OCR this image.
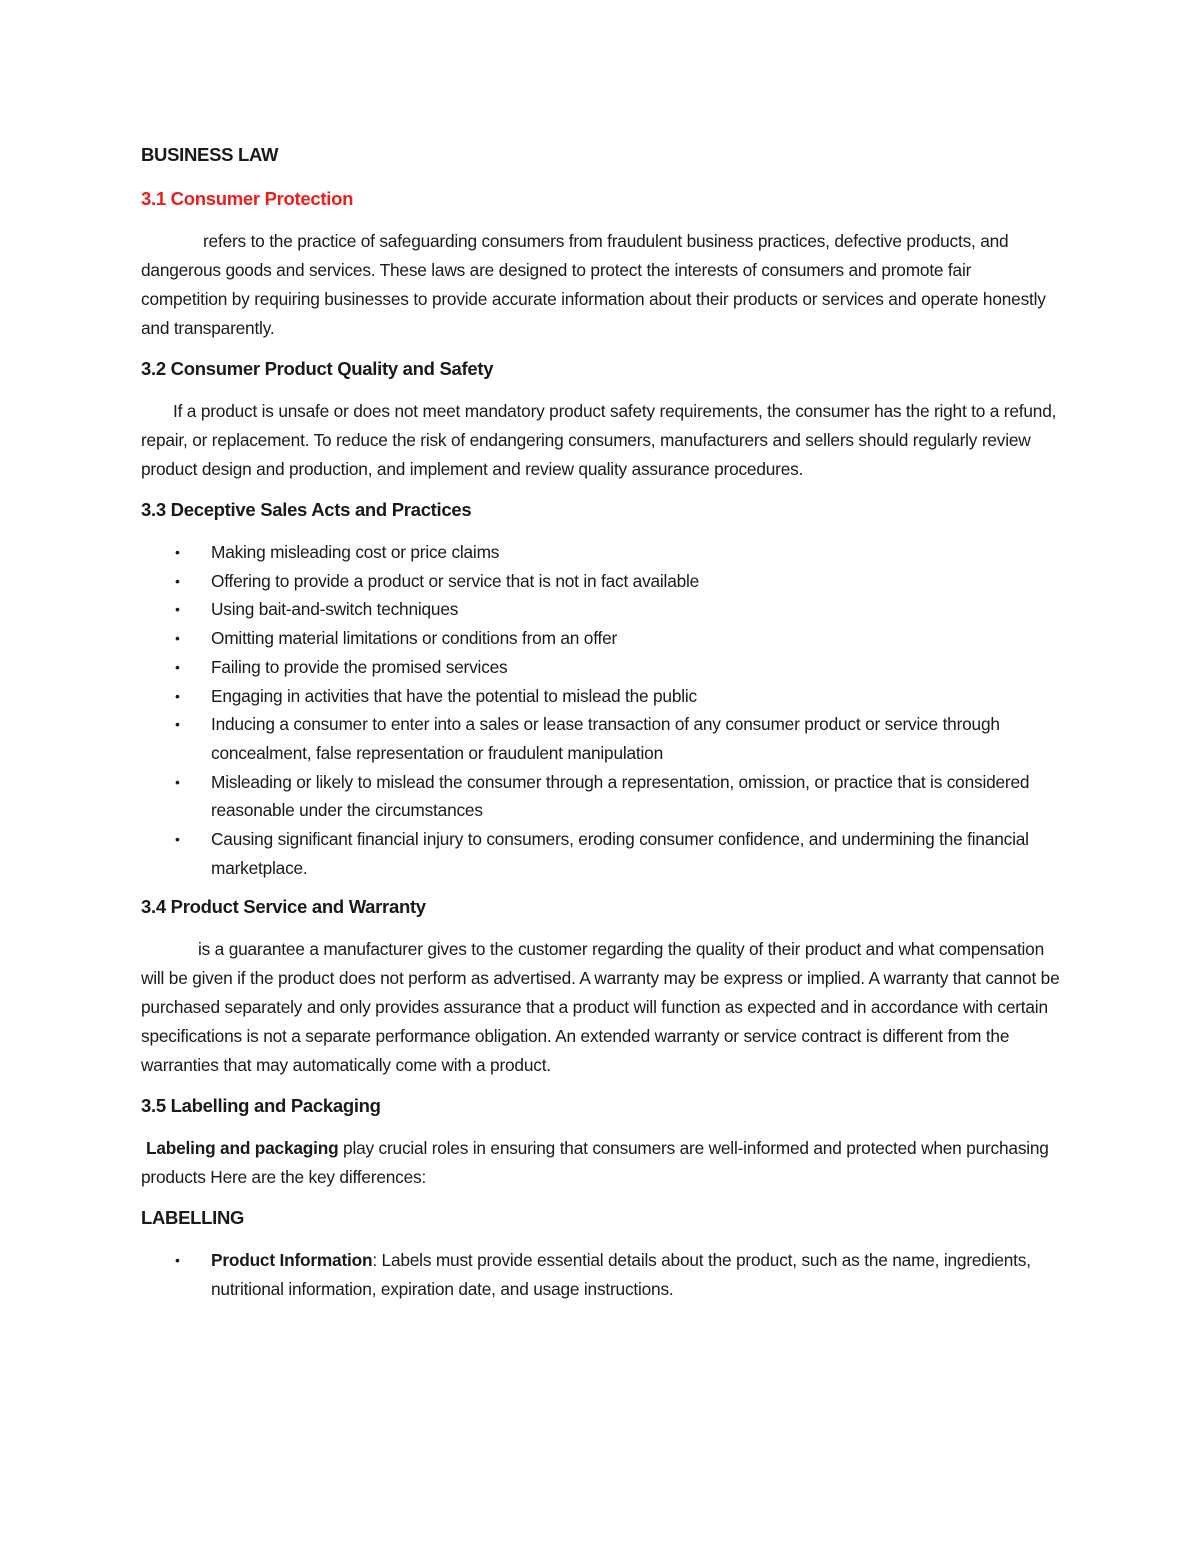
BUSINESS LAW
3.1 Consumer Protection

refers to the practice of safeguarding consumers from fraudulent business practices, defective products, and dangerous goods and services. These laws are designed to protect the interests of consumers and promote fair competition by requiring businesses to provide accurate information about their products or services and operate honestly and transparently.

3.2 Consumer Product Quality and Safety

If a product is unsafe or does not meet mandatory product safety requirements, the consumer has the right to a refund, repair, or replacement. To reduce the risk of endangering consumers, manufacturers and sellers should regularly review product design and production, and implement and review quality assurance procedures.

3.3 Deceptive Sales Acts and Practices
• Making misleading cost or price claims
• Offering to provide a product or service that is not in fact available
• Using bait-and-switch techniques
• Omitting material limitations or conditions from an offer
• Failing to provide the promised services
• Engaging in activities that have the potential to mislead the public
• Inducing a consumer to enter into a sales or lease transaction of any consumer product or service through concealment, false representation or fraudulent manipulation
• Misleading or likely to mislead the consumer through a representation, omission, or practice that is considered reasonable under the circumstances
• Causing significant financial injury to consumers, eroding consumer confidence, and undermining the financial marketplace.
3.4 Product Service and Warranty

is a guarantee a manufacturer gives to the customer regarding the quality of their product and what compensation will be given if the product does not perform as advertised. A warranty may be express or implied. A warranty that cannot be purchased separately and only provides assurance that a product will function as expected and in accordance with certain specifications is not a separate performance obligation. An extended warranty or service contract is different from the warranties that may automatically come with a product.

3.5 Labelling and Packaging

Labeling and packaging play crucial roles in ensuring that consumers are well-informed and protected when purchasing products Here are the key differences:

LABELLING
• Product Information: Labels must provide essential details about the product, such as the name, ingredients, nutritional information, expiration date, and usage instructions.
